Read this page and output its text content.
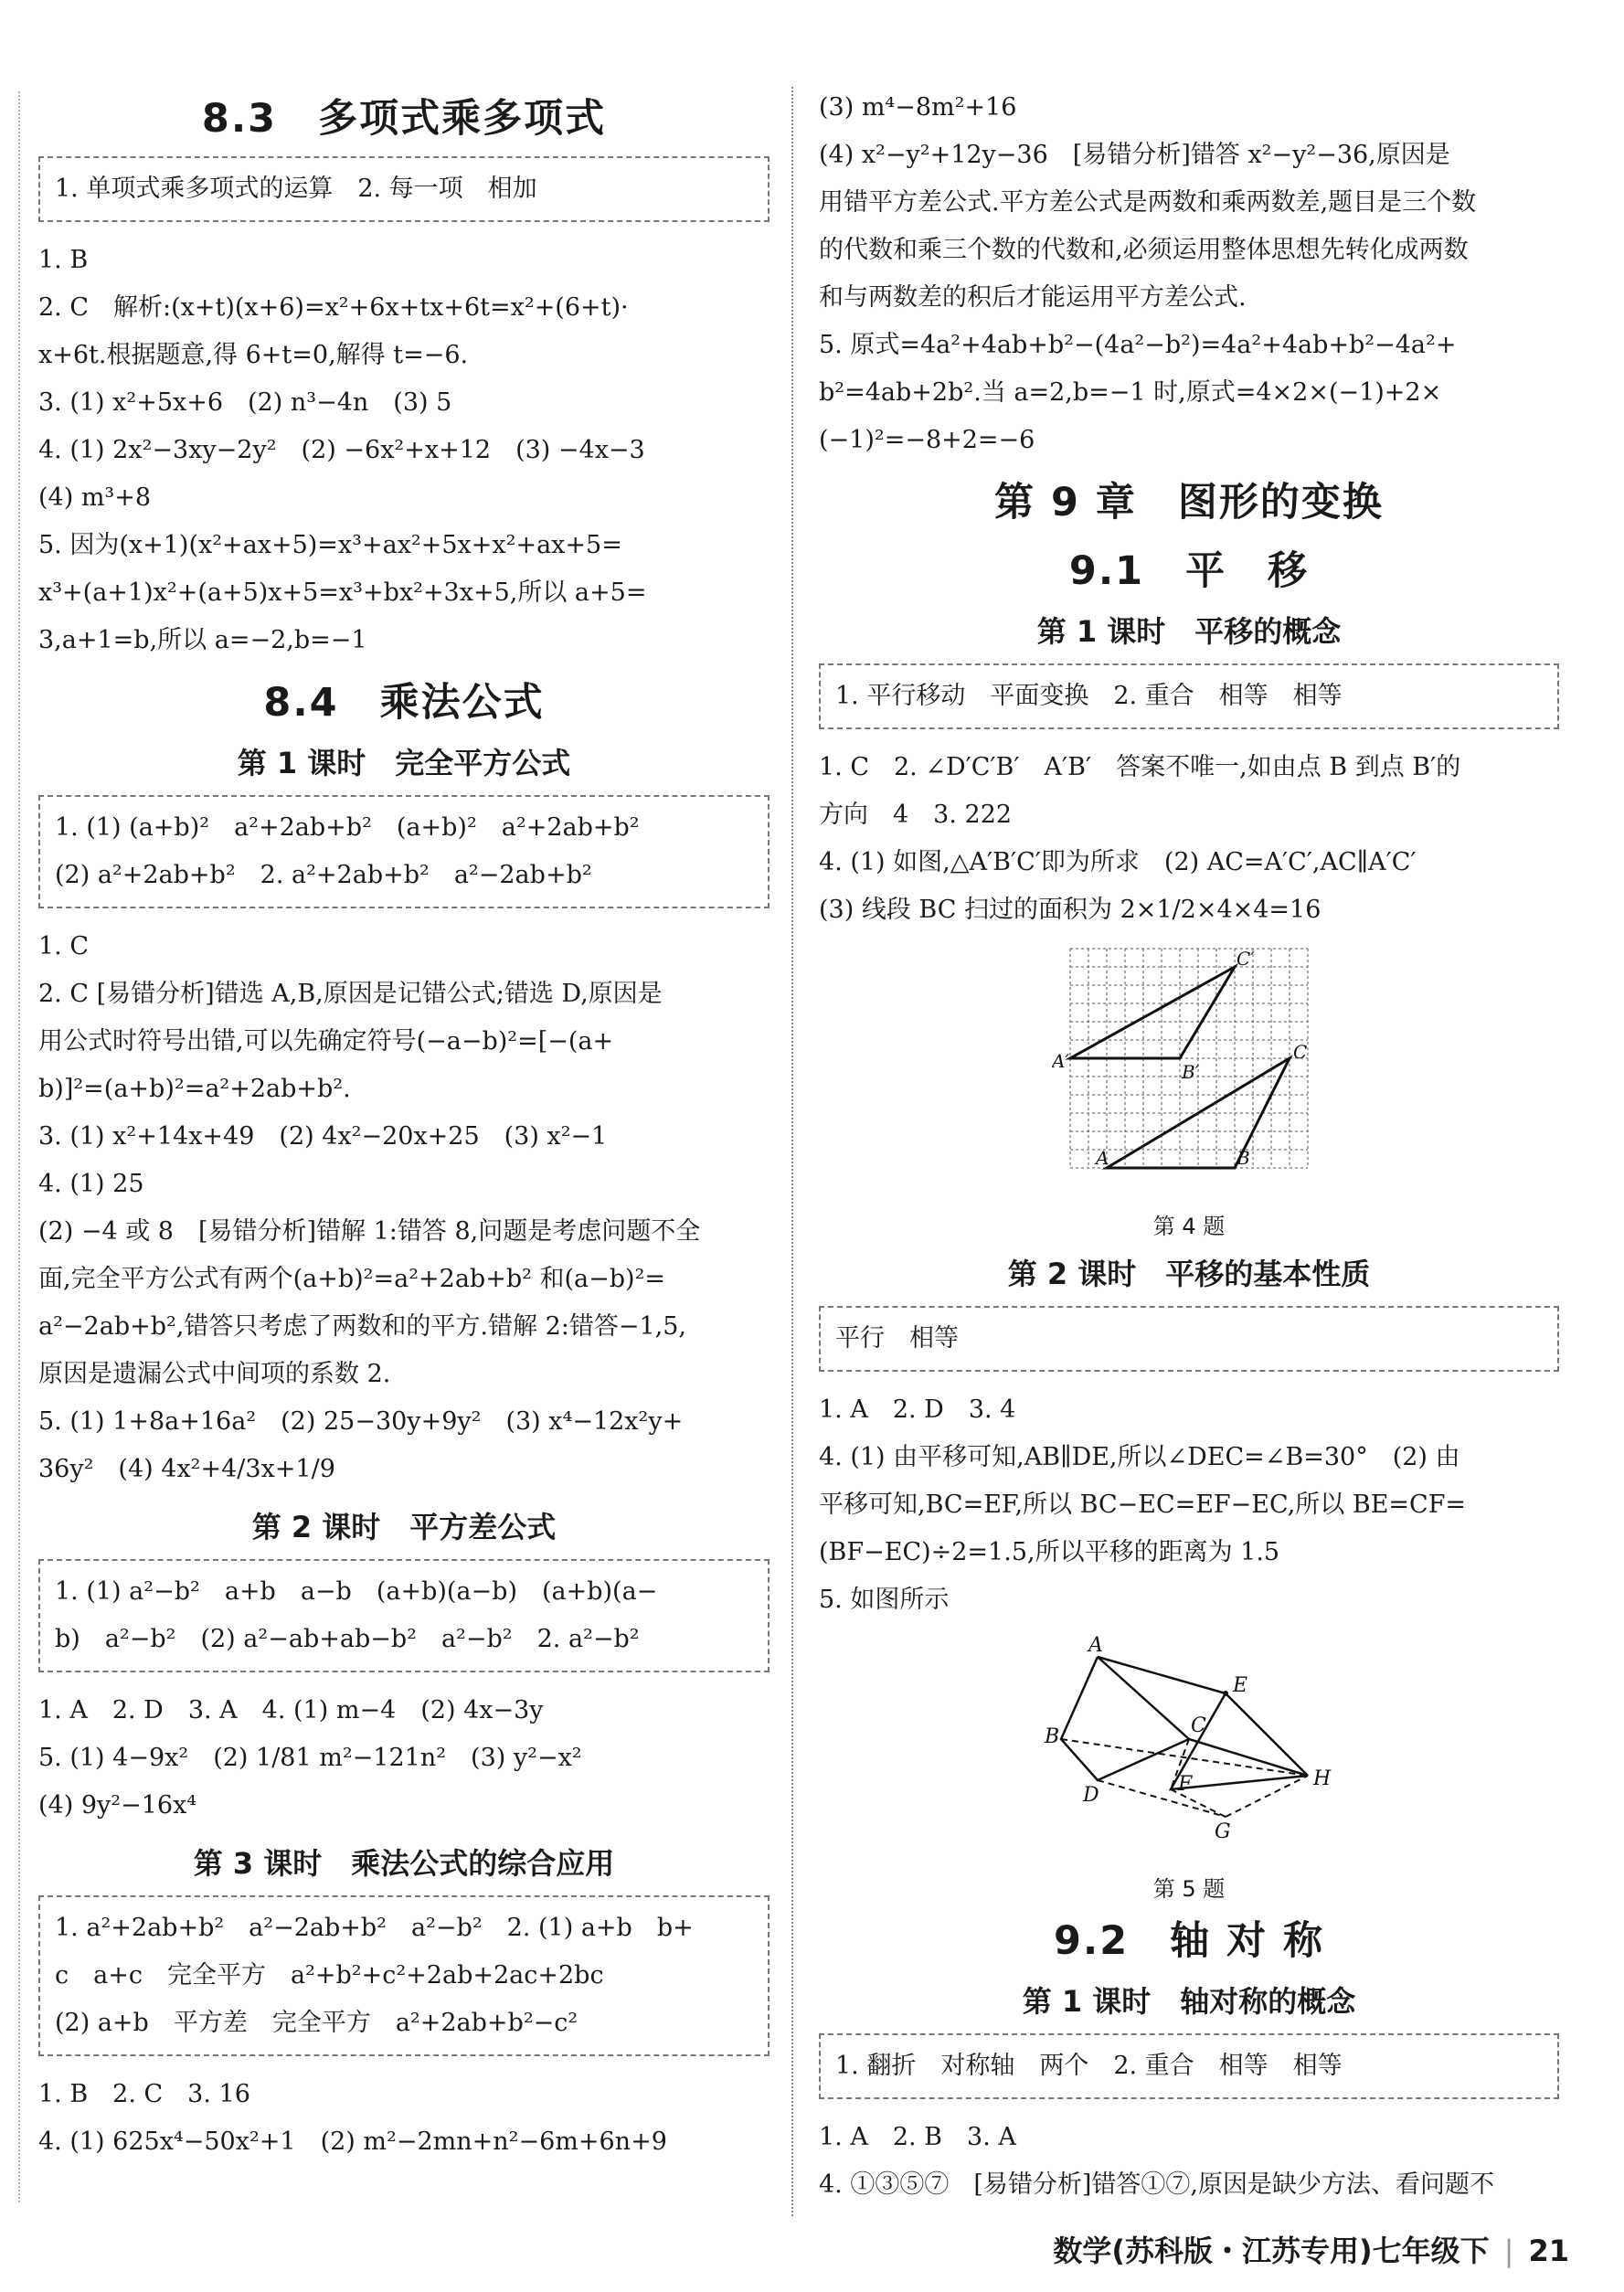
8.3　多项式乘多项式

1. 单项式乘多项式的运算　2. 每一项　相加

1. B

2. C　解析:(x+t)(x+6)=x²+6x+tx+6t=x²+(6+t)·

x+6t.根据题意,得 6+t=0,解得 t=−6.

3. (1) x²+5x+6　(2) n³−4n　(3) 5

4. (1) 2x²−3xy−2y²　(2) −6x²+x+12　(3) −4x−3

(4) m³+8

5. 因为(x+1)(x²+ax+5)=x³+ax²+5x+x²+ax+5=

x³+(a+1)x²+(a+5)x+5=x³+bx²+3x+5,所以 a+5=

3,a+1=b,所以 a=−2,b=−1

8.4　乘法公式
第 1 课时　完全平方公式

1. (1) (a+b)²　a²+2ab+b²　(a+b)²　a²+2ab+b²

(2) a²+2ab+b²　2. a²+2ab+b²　a²−2ab+b²

1. C

2. C [易错分析]错选 A,B,原因是记错公式;错选 D,原因是

用公式时符号出错,可以先确定符号(−a−b)²=[−(a+

b)]²=(a+b)²=a²+2ab+b².

3. (1) x²+14x+49　(2) 4x²−20x+25　(3) x²−1

4. (1) 25

(2) −4 或 8　[易错分析]错解 1:错答 8,问题是考虑问题不全

面,完全平方公式有两个(a+b)²=a²+2ab+b² 和(a−b)²=

a²−2ab+b²,错答只考虑了两数和的平方.错解 2:错答−1,5,

原因是遗漏公式中间项的系数 2.

5. (1) 1+8a+16a²　(2) 25−30y+9y²　(3) x⁴−12x²y+

36y²　(4) 4x²+4/3x+1/9

第 2 课时　平方差公式

1. (1) a²−b²　a+b　a−b　(a+b)(a−b)　(a+b)(a−

b)　a²−b²　(2) a²−ab+ab−b²　a²−b²　2. a²−b²

1. A　2. D　3. A　4. (1) m−4　(2) 4x−3y

5. (1) 4−9x²　(2) 1/81 m²−121n²　(3) y²−x²

(4) 9y²−16x⁴

第 3 课时　乘法公式的综合应用

1. a²+2ab+b²　a²−2ab+b²　a²−b²　2. (1) a+b　b+

c　a+c　完全平方　a²+b²+c²+2ab+2ac+2bc

(2) a+b　平方差　完全平方　a²+2ab+b²−c²

1. B　2. C　3. 16

4. (1) 625x⁴−50x²+1　(2) m²−2mn+n²−6m+6n+9

(3) m⁴−8m²+16

(4) x²−y²+12y−36　[易错分析]错答 x²−y²−36,原因是

用错平方差公式.平方差公式是两数和乘两数差,题目是三个数

的代数和乘三个数的代数和,必须运用整体思想先转化成两数

和与两数差的积后才能运用平方差公式.

5. 原式=4a²+4ab+b²−(4a²−b²)=4a²+4ab+b²−4a²+

b²=4ab+2b².当 a=2,b=−1 时,原式=4×2×(−1)+2×

(−1)²=−8+2=−6

第 9 章　图形的变换
9.1　平　移
第 1 课时　平移的概念

1. 平行移动　平面变换　2. 重合　相等　相等

1. C　2. ∠D′C′B′　A′B′　答案不唯一,如由点 B 到点 B′的

方向　4　3. 222

4. (1) 如图,△A′B′C′即为所求　(2) AC=A′C′,AC∥A′C′

(3) 线段 BC 扫过的面积为 2×1/2×4×4=16

A	B
C
A′	B′
C′
第 4 题
第 2 课时　平移的基本性质

平行　相等

1. A　2. D　3. 4

4. (1) 由平移可知,AB∥DE,所以∠DEC=∠B=30°　(2) 由

平移可知,BC=EF,所以 BC−EC=EF−EC,所以 BE=CF=

(BF−EC)÷2=1.5,所以平移的距离为 1.5

5. 如图所示

A
E
B	C
F	H
D
G
第 5 题
9.2　轴 对 称
第 1 课时　轴对称的概念

1. 翻折　对称轴　两个　2. 重合　相等　相等

1. A　2. B　3. A

4. ①③⑤⑦　[易错分析]错答①⑦,原因是缺少方法、看问题不

数学(苏科版・江苏专用)七年级下 | 21
